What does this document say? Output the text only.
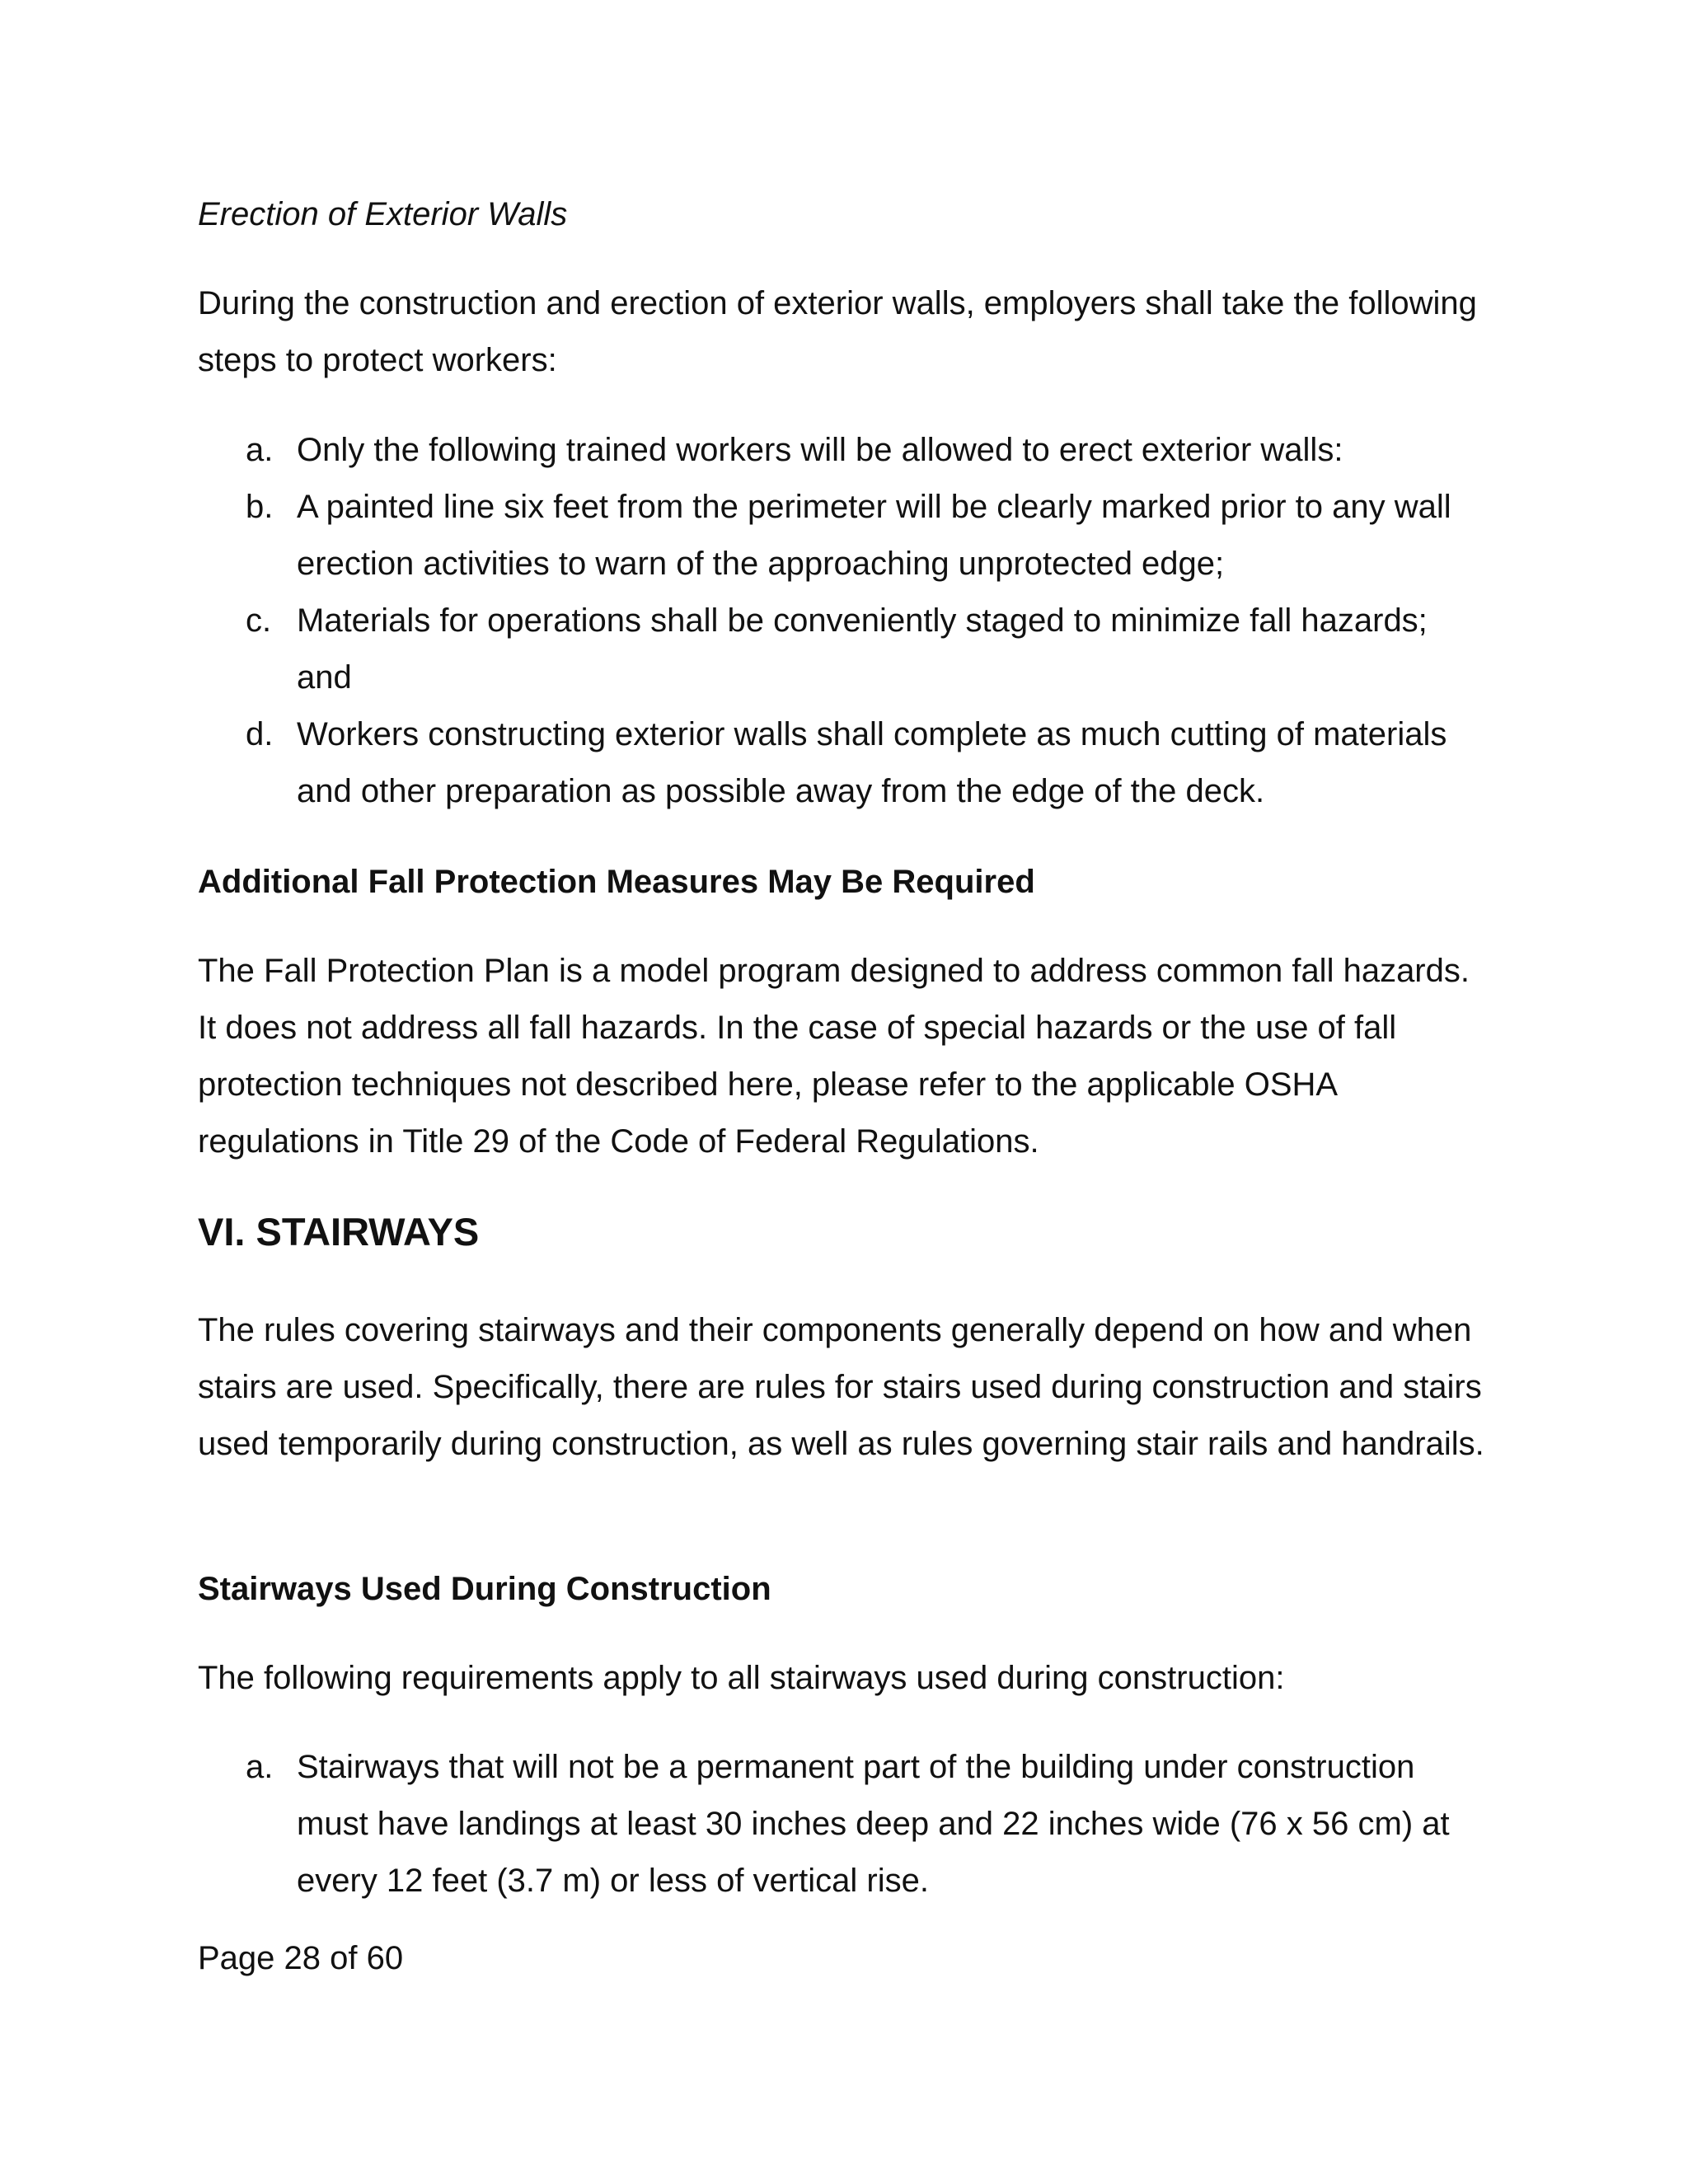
Erection of Exterior Walls

During the construction and erection of exterior walls, employers shall take the following steps to protect workers:

a. Only the following trained workers will be allowed to erect exterior walls:
b. A painted line six feet from the perimeter will be clearly marked prior to any wall erection activities to warn of the approaching unprotected edge;
c. Materials for operations shall be conveniently staged to minimize fall hazards; and
d. Workers constructing exterior walls shall complete as much cutting of materials and other preparation as possible away from the edge of the deck.

Additional Fall Protection Measures May Be Required

The Fall Protection Plan is a model program designed to address common fall hazards. It does not address all fall hazards. In the case of special hazards or the use of fall protection techniques not described here, please refer to the applicable OSHA regulations in Title 29 of the Code of Federal Regulations.

VI. STAIRWAYS

The rules covering stairways and their components generally depend on how and when stairs are used. Specifically, there are rules for stairs used during construction and stairs used temporarily during construction, as well as rules governing stair rails and handrails.

Stairways Used During Construction

The following requirements apply to all stairways used during construction:

a. Stairways that will not be a permanent part of the building under construction must have landings at least 30 inches deep and 22 inches wide (76 x 56 cm) at every 12 feet (3.7 m) or less of vertical rise.

Page 28 of 60
